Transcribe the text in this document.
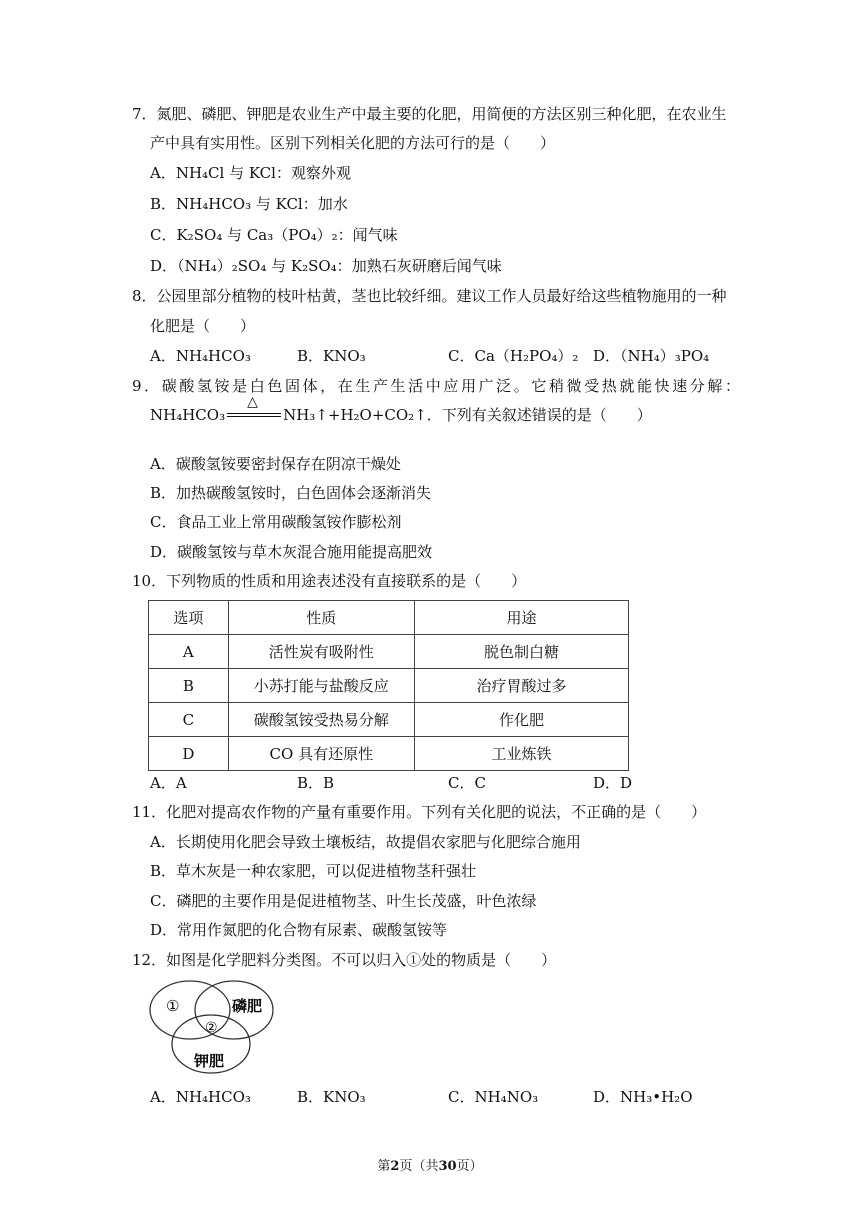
7．氮肥、磷肥、钾肥是农业生产中最主要的化肥，用简便的方法区别三种化肥，在农业生
产中具有实用性。区别下列相关化肥的方法可行的是（　　）
A．NH₄Cl 与 KCl：观察外观
B．NH₄HCO₃ 与 KCl：加水
C．K₂SO₄ 与 Ca₃（PO₄）₂：闻气味
D．（NH₄）₂SO₄ 与 K₂SO₄：加熟石灰研磨后闻气味
8．公园里部分植物的枝叶枯黄，茎也比较纤细。建议工作人员最好给这些植物施用的一种
化肥是（　　）
A．NH₄HCO₃	B．KNO₃	C．Ca（H₂PO₄）₂ D．（NH₄）₃PO₄
9．碳酸氢铵是白色固体，在生产生活中应用广泛。它稍微受热就能快速分解：
NH₄HCO₃
△
NH₃↑+H₂O+CO₂↑．下列有关叙述错误的是（　　）
A．碳酸氢铵要密封保存在阴凉干燥处
B．加热碳酸氢铵时，白色固体会逐渐消失
C．食品工业上常用碳酸氢铵作膨松剂
D．碳酸氢铵与草木灰混合施用能提高肥效
10．下列物质的性质和用途表述没有直接联系的是（　　）
选项	性质	用途
A	活性炭有吸附性	脱色制白糖
B	小苏打能与盐酸反应	治疗胃酸过多
C	碳酸氢铵受热易分解	作化肥
D	CO 具有还原性	工业炼铁
A．A	B．B	C．C	D．D
11．化肥对提高农作物的产量有重要作用。下列有关化肥的说法，不正确的是（　　）
A．长期使用化肥会导致土壤板结，故提倡农家肥与化肥综合施用
B．草木灰是一种农家肥，可以促进植物茎秆强壮
C．磷肥的主要作用是促进植物茎、叶生长茂盛，叶色浓绿
D．常用作氮肥的化合物有尿素、碳酸氢铵等
12．如图是化学肥料分类图。不可以归入①处的物质是（　　）
①
②
磷肥
钾肥
A．NH₄HCO₃	B．KNO₃	C．NH₄NO₃	D．NH₃•H₂O
第2页（共30页）
